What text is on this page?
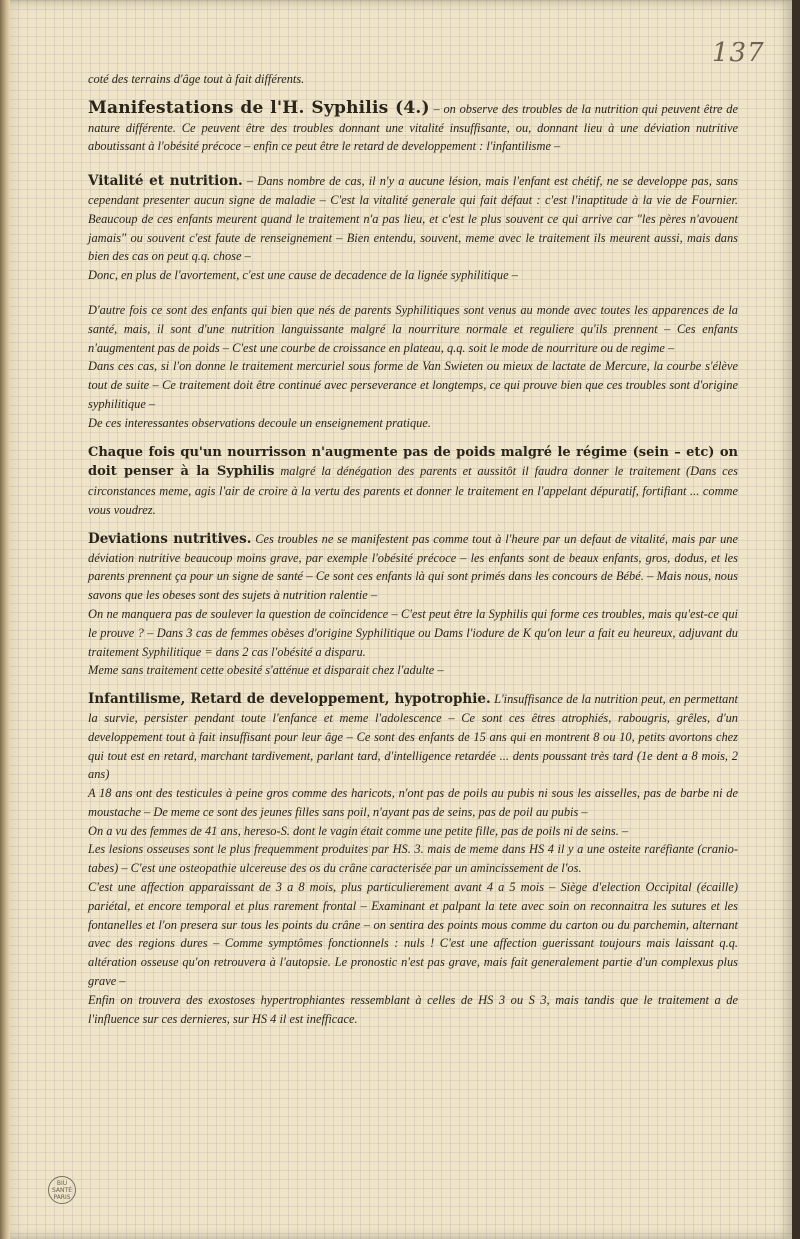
137

coté des terrains d'âge tout à fait différents.

Manifestations de l'H. Syphilis (4.) – on observe des troubles de la nutrition qui peuvent être de nature différente. Ce peuvent être des troubles donnant une vitalité insuffisante, ou, donnant lieu à une déviation nutritive aboutissant à l'obésité précoce – enfin ce peut être le retard de developpement : l'infantilisme –

Vitalité et nutrition. – Dans nombre de cas, il n'y a aucune lésion, mais l'enfant est chétif, ne se developpe pas, sans cependant presenter aucun signe de maladie – C'est la vitalité generale qui fait défaut : c'est l'inaptitude à la vie de Fournier. Beaucoup de ces enfants meurent quand le traitement n'a pas lieu, et c'est le plus souvent ce qui arrive car "les pères n'avouent jamais" ou souvent c'est faute de renseignement – Bien entendu, souvent, meme avec le traitement ils meurent aussi, mais dans bien des cas on peut q.q. chose –

Donc, en plus de l'avortement, c'est une cause de decadence de la lignée syphilitique –

D'autre fois ce sont des enfants qui bien que nés de parents Syphilitiques sont venus au monde avec toutes les apparences de la santé, mais, il sont d'une nutrition languissante malgré la nourriture normale et reguliere qu'ils prennent – Ces enfants n'augmentent pas de poids – C'est une courbe de croissance en plateau, q.q. soit le mode de nourriture ou de regime –

Dans ces cas, si l'on donne le traitement mercuriel sous forme de Van Swieten ou mieux de lactate de Mercure, la courbe s'élève tout de suite – Ce traitement doit être continué avec perseverance et longtemps, ce qui prouve bien que ces troubles sont d'origine syphilitique –

De ces interessantes observations decoule un enseignement pratique.

Chaque fois qu'un nourrisson n'augmente pas de poids malgré le régime (sein – etc) on doit penser à la Syphilis malgré la dénégation des parents et aussitôt il faudra donner le traitement (Dans ces circonstances meme, agis l'air de croire à la vertu des parents et donner le traitement en l'appelant dépuratif, fortifiant ... comme vous voudrez.

Deviations nutritives. Ces troubles ne se manifestent pas comme tout à l'heure par un defaut de vitalité, mais par une déviation nutritive beaucoup moins grave, par exemple l'obésité précoce – les enfants sont de beaux enfants, gros, dodus, et les parents prennent ça pour un signe de santé – Ce sont ces enfants là qui sont primés dans les concours de Bébé. – Mais nous, nous savons que les obeses sont des sujets à nutrition ralentie –

On ne manquera pas de soulever la question de coïncidence – C'est peut être la Syphilis qui forme ces troubles, mais qu'est-ce qui le prouve ? – Dans 3 cas de femmes obèses d'origine Syphilitique ou Dams l'iodure de K qu'on leur a fait eu heureux, adjuvant du traitement Syphilitique = dans 2 cas l'obésité a disparu.

Meme sans traitement cette obesité s'atténue et disparait chez l'adulte –

Infantilisme, Retard de developpement, hypotrophie. L'insuffisance de la nutrition peut, en permettant la survie, persister pendant toute l'enfance et meme l'adolescence – Ce sont ces êtres atrophiés, rabougris, grêles, d'un developpement tout à fait insuffisant pour leur âge – Ce sont des enfants de 15 ans qui en montrent 8 ou 10, petits avortons chez qui tout est en retard, marchant tardivement, parlant tard, d'intelligence retardée ... dents poussant très tard (1e dent a 8 mois, 2 ans)

A 18 ans ont des testicules à peine gros comme des haricots, n'ont pas de poils au pubis ni sous les aisselles, pas de barbe ni de moustache – De meme ce sont des jeunes filles sans poil, n'ayant pas de seins, pas de poil au pubis –

On a vu des femmes de 41 ans, hereso-S. dont le vagin était comme une petite fille, pas de poils ni de seins. –

Les lesions osseuses sont le plus frequemment produites par HS. 3. mais de meme dans HS 4 il y a une osteite raréfiante (cranio-tabes) – C'est une osteopathie ulcereuse des os du crâne caracterisée par un amincissement de l'os.

C'est une affection apparaissant de 3 a 8 mois, plus particulierement avant 4 a 5 mois – Siège d'election Occipital (écaille) pariétal, et encore temporal et plus rarement frontal – Examinant et palpant la tete avec soin on reconnaitra les sutures et les fontanelles et l'on presera sur tous les points du crâne – on sentira des points mous comme du carton ou du parchemin, alternant avec des regions dures – Comme symptômes fonctionnels : nuls ! C'est une affection guerissant toujours mais laissant q.q. altération osseuse qu'on retrouvera à l'autopsie. Le pronostic n'est pas grave, mais fait generalement partie d'un complexus plus grave –

Enfin on trouvera des exostoses hypertrophiantes ressemblant à celles de HS 3 ou S 3, mais tandis que le traitement a de l'influence sur ces dernieres, sur HS 4 il est inefficace.

BIU
SANTÉ
PARIS
